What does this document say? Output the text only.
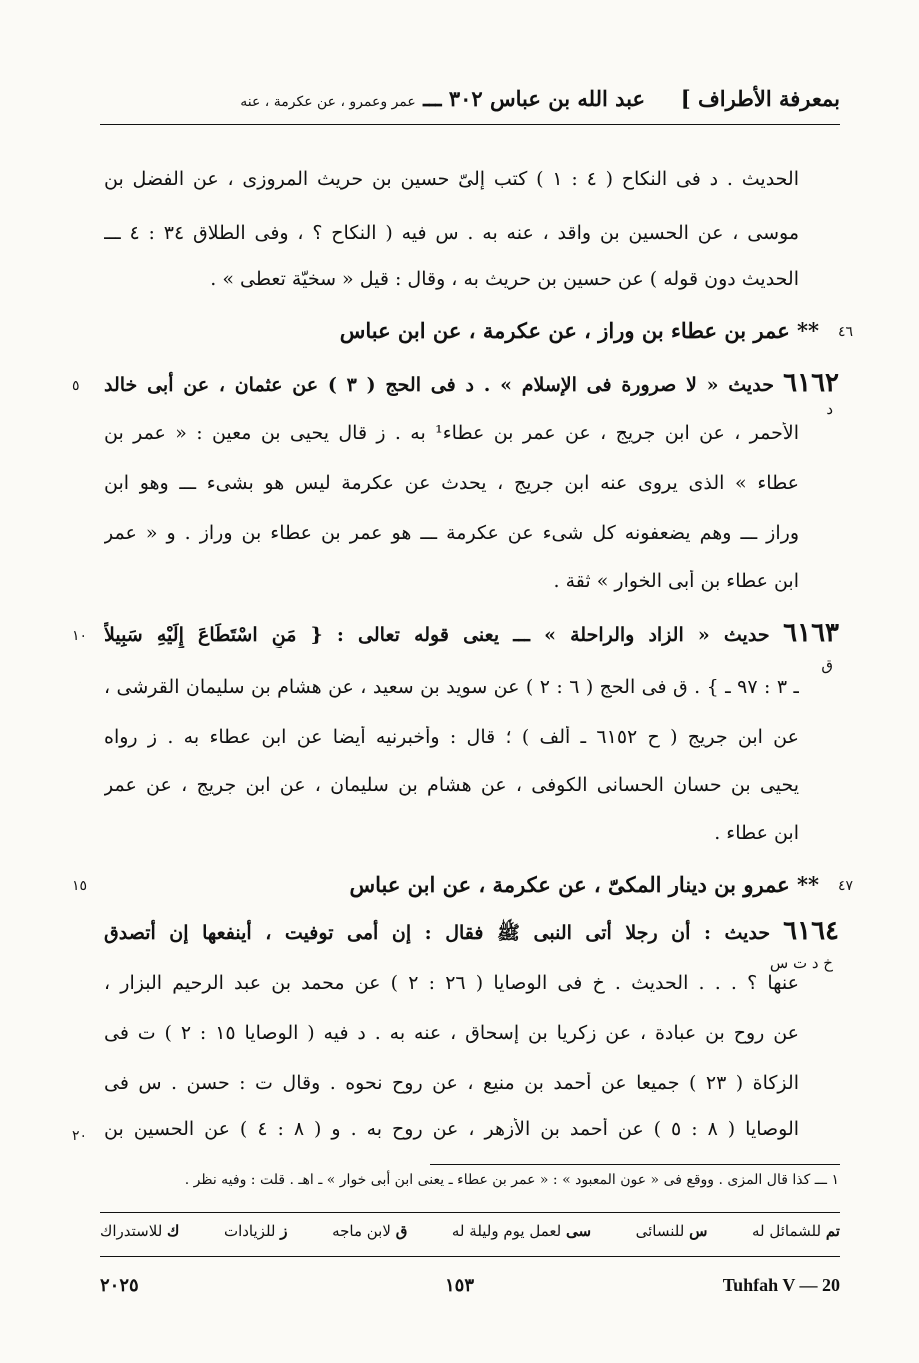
بمعرفة الأطراف ]
عبد الله بن عباس ٣٠٢ ـــ عمر وعمرو ، عن عكرمة ، عنه
الحديث . د فى النكاح ( ٤ : ١ ) كتب إلىّ حسين بن حريث المروزى ، عن الفضل بن
موسى ، عن الحسين بن واقد ، عنه به . س فيه ( النكاح ؟ ، وفى الطلاق ٣٤ : ٤ ـــ
الحديث دون قوله ) عن حسين بن حريث به ، وقال : قيل « سخيّة تعطى » .
٤٦
** عمر بن عطاء بن وراز ، عن عكرمة ، عن ابن عباس
٥
د
٦١٦٢ حديث « لا صرورة فى الإسلام » . د فى الحج ( ٣ ) عن عثمان ، عن أبى خالد
الأحمر ، عن ابن جريج ، عن عمر بن عطاء¹ به . ز قال يحيى بن معين : « عمر بن
عطاء » الذى يروى عنه ابن جريج ، يحدث عن عكرمة ليس هو بشىء ـــ وهو ابن
وراز ـــ وهم يضعفونه كل شىء عن عكرمة ـــ هو عمر بن عطاء بن وراز . و « عمر
ابن عطاء بن أبى الخوار » ثقة .
١٠
ق
٦١٦٣ حديث « الزاد والراحلة » ـــ يعنى قوله تعالى : { مَنِ اسْتَطَاعَ إِلَيْهِ سَبِيلاً
ـ ٣ : ٩٧ ـ } . ق فى الحج ( ٦ : ٢ ) عن سويد بن سعيد ، عن هشام بن سليمان القرشى ،
عن ابن جريج ( ح ٦١٥٢ ـ ألف ) ؛ قال : وأخبرنيه أيضا عن ابن عطاء به . ز رواه
يحيى بن حسان الحسانى الكوفى ، عن هشام بن سليمان ، عن ابن جريج ، عن عمر
ابن عطاء .
٤٧
١٥	** عمرو بن دينار المكىّ ، عن عكرمة ، عن ابن عباس
خ د ت س
٦١٦٤ حديث : أن رجلا أتى النبى ﷺ فقال : إن أمى توفيت ، أينفعها إن أتصدق
عنها ؟ . . . الحديث . خ فى الوصايا ( ٢٦ : ٢ ) عن محمد بن عبد الرحيم البزار ،
عن روح بن عبادة ، عن زكريا بن إسحاق ، عنه به . د فيه ( الوصايا ١٥ : ٢ ) ت فى
الزكاة ( ٢٣ ) جميعا عن أحمد بن منيع ، عن روح نحوه . وقال ت : حسن . س فى
٢٠ الوصايا ( ٨ : ٥ ) عن أحمد بن الأزهر ، عن روح به . و ( ٨ : ٤ ) عن الحسين بن
١ ـــ كذا قال المزى . ووقع فى « عون المعبود » : « عمر بن عطاء ـ يعنى ابن أبى خوار » ـ اهـ . قلت : وفيه نظر .
تم للشمائل له
س للنسائى
سى لعمل يوم وليلة له
ق لابن ماجه
ز للزيادات
ك للاستدراك
٢٠٢٥	١٥٣	Tuhfah V — 20
